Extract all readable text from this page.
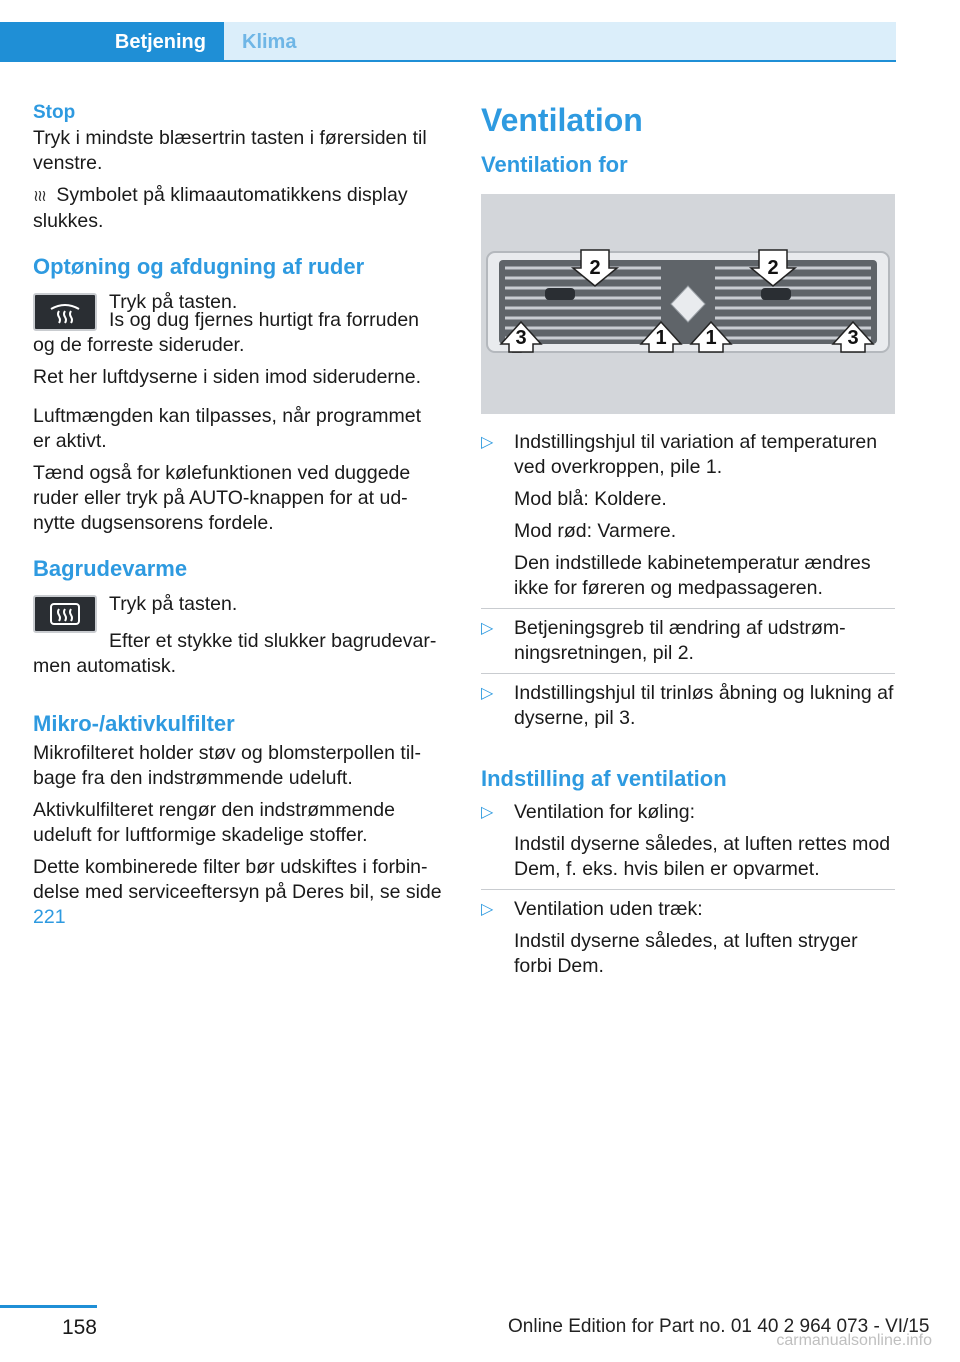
Betjening	Klima
Stop

Tryk i mindste blæsertrin tasten i førersiden til venstre.

≀≀≀ Symbolet på klimaautomatikkens display slukkes.

Optøning og afdugning af ruder

Tryk på tasten.

Is og dug fjernes hurtigt fra forruden og de forreste sideruder.

Ret her luftdyserne i siden imod sideruderne.

Luftmængden kan tilpasses, når programmet er aktivt.

Tænd også for kølefunktionen ved duggede ruder eller tryk på AUTO-knappen for at udnytte dugsensorens fordele.

Bagrudevarme

Tryk på tasten.

Efter et stykke tid slukker bagrudevarmen automatisk.

Mikro-/aktivkulfilter

Mikrofilteret holder støv og blomsterpollen tilbage fra den indstrømmende udeluft.

Aktivkulfilteret rengør den indstrømmende udeluft for luftformige skadelige stoffer.

Dette kombinerede filter bør udskiftes i forbindelse med serviceeftersyn på Deres bil, se side 221

Ventilation
Ventilation for
2	2
3	1 1	3
▷ Indstillingshjul til variation af temperaturen ved overkroppen, pile 1.
Mod blå: Koldere.
Mod rød: Varmere.
Den indstillede kabinetemperatur ændres ikke for føreren og medpassageren.
▷ Betjeningsgreb til ændring af udstrømningsretningen, pil 2.
▷ Indstillingshjul til trinløs åbning og lukning af dyserne, pil 3.
Indstilling af ventilation
▷ Ventilation for køling:
Indstil dyserne således, at luften rettes mod Dem, f. eks. hvis bilen er opvarmet.
▷ Ventilation uden træk:
Indstil dyserne således, at luften stryger forbi Dem.
158	Online Edition for Part no. 01 40 2 964 073 - VI/15
carmanualsonline.info
